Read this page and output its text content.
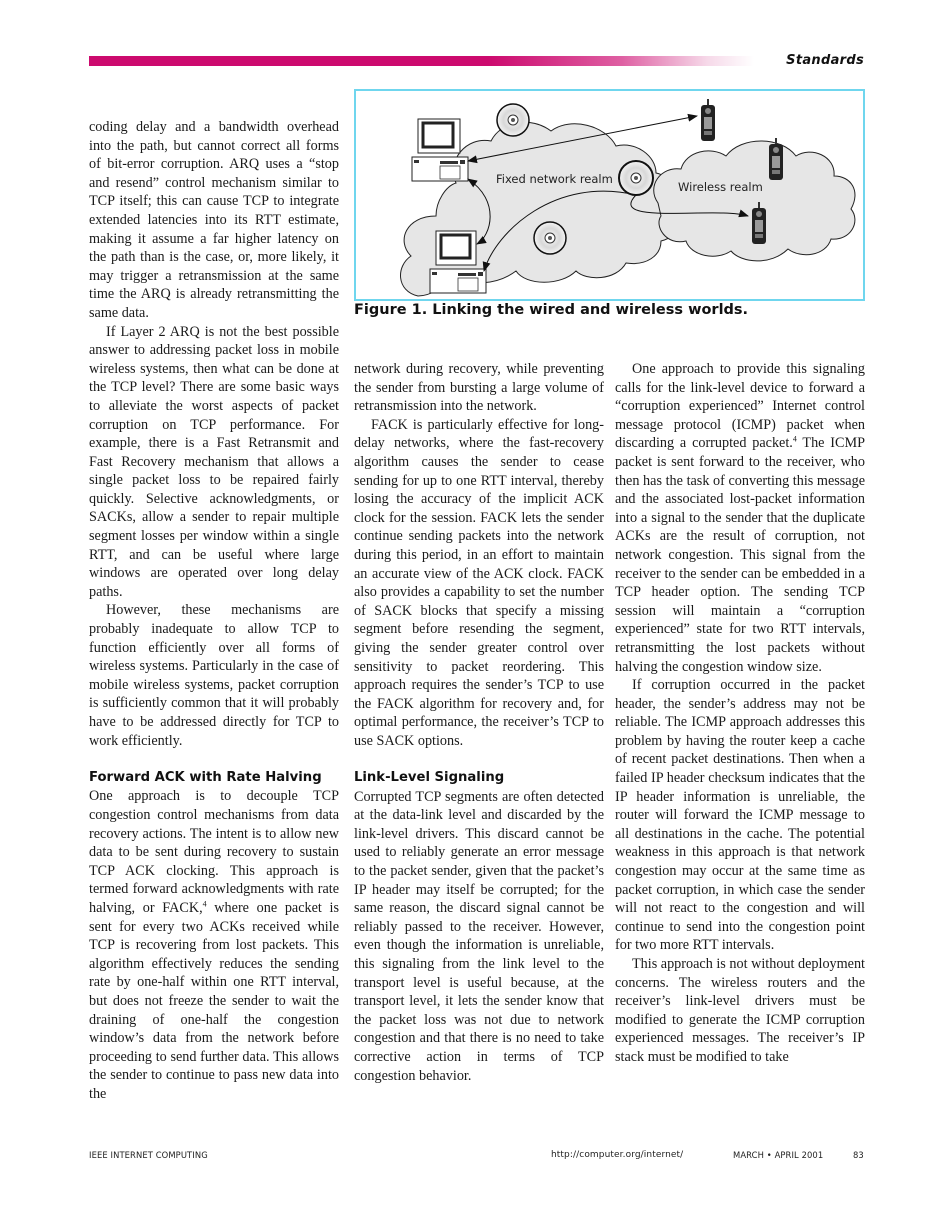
Standards
Fixed network realm
Wireless realm
Figure 1. Linking the wired and wireless worlds.

coding delay and a bandwidth overhead into the path, but cannot correct all forms of bit-error corruption. ARQ uses a “stop and resend” control mechanism similar to TCP itself; this can cause TCP to integrate extended latencies into its RTT estimate, making it assume a far higher latency on the path than is the case, or, more likely, it may trigger a retransmission at the same time the ARQ is already retransmitting the same data.

If Layer 2 ARQ is not the best possible answer to addressing packet loss in mobile wireless systems, then what can be done at the TCP level? There are some basic ways to alleviate the worst aspects of packet corruption on TCP performance. For example, there is a Fast Retransmit and Fast Recovery mechanism that allows a single packet loss to be repaired fairly quickly. Selective acknowledgments, or SACKs, allow a sender to repair multiple segment losses per window within a single RTT, and can be useful where large windows are operated over long delay paths.

However, these mechanisms are probably inadequate to allow TCP to function efficiently over all forms of wireless systems. Particularly in the case of mobile wireless systems, packet corruption is sufficiently common that it will probably have to be addressed directly for TCP to work efficiently.

Forward ACK with Rate Halving

One approach is to decouple TCP congestion control mechanisms from data recovery actions. The intent is to allow new data to be sent during recovery to sustain TCP ACK clocking. This approach is termed forward acknowledgments with rate halving, or FACK,$^4$ where one packet is sent for every two ACKs received while TCP is recovering from lost packets. This algorithm effectively reduces the sending rate by one-half within one RTT interval, but does not freeze the sender to wait the draining of one-half the congestion window’s data from the network before proceeding to send further data. This allows the sender to continue to pass new data into the

network during recovery, while preventing the sender from bursting a large volume of retransmission into the network.

FACK is particularly effective for long-delay networks, where the fast-recovery algorithm causes the sender to cease sending for up to one RTT interval, thereby losing the accuracy of the implicit ACK clock for the session. FACK lets the sender continue sending packets into the network during this period, in an effort to maintain an accurate view of the ACK clock. FACK also provides a capability to set the number of SACK blocks that specify a missing segment before resending the segment, giving the sender greater control over sensitivity to packet reordering. This approach requires the sender’s TCP to use the FACK algorithm for recovery and, for optimal performance, the receiver’s TCP to use SACK options.

Link-Level Signaling

Corrupted TCP segments are often detected at the data-link level and discarded by the link-level drivers. This discard cannot be used to reliably generate an error message to the packet sender, given that the packet’s IP header may itself be corrupted; for the same reason, the discard signal cannot be reliably passed to the receiver. However, even though the information is unreliable, this signaling from the link level to the transport level is useful because, at the transport level, it lets the sender know that the packet loss was not due to network congestion and that there is no need to take corrective action in terms of TCP congestion behavior.

One approach to provide this signaling calls for the link-level device to forward a “corruption experienced” Internet control message protocol (ICMP) packet when discarding a corrupted packet.$^4$ The ICMP packet is sent forward to the receiver, who then has the task of converting this message and the associated lost-packet information into a signal to the sender that the duplicate ACKs are the result of corruption, not network congestion. This signal from the receiver to the sender can be embedded in a TCP header option. The sending TCP session will maintain a “corruption experienced” state for two RTT intervals, retransmitting the lost packets without halving the congestion window size.

If corruption occurred in the packet header, the sender’s address may not be reliable. The ICMP approach addresses this problem by having the router keep a cache of recent packet destinations. Then when a failed IP header checksum indicates that the IP header information is unreliable, the router will forward the ICMP message to all destinations in the cache. The potential weakness in this approach is that network congestion may occur at the same time as packet corruption, in which case the sender will not react to the congestion and will continue to send into the congestion point for two more RTT intervals.

This approach is not without deployment concerns. The wireless routers and the receiver’s link-level drivers must be modified to generate the ICMP corruption experienced messages. The receiver’s IP stack must be modified to take

IEEE INTERNET COMPUTING	http://computer.org/internet/	MARCH • APRIL 2001	83
